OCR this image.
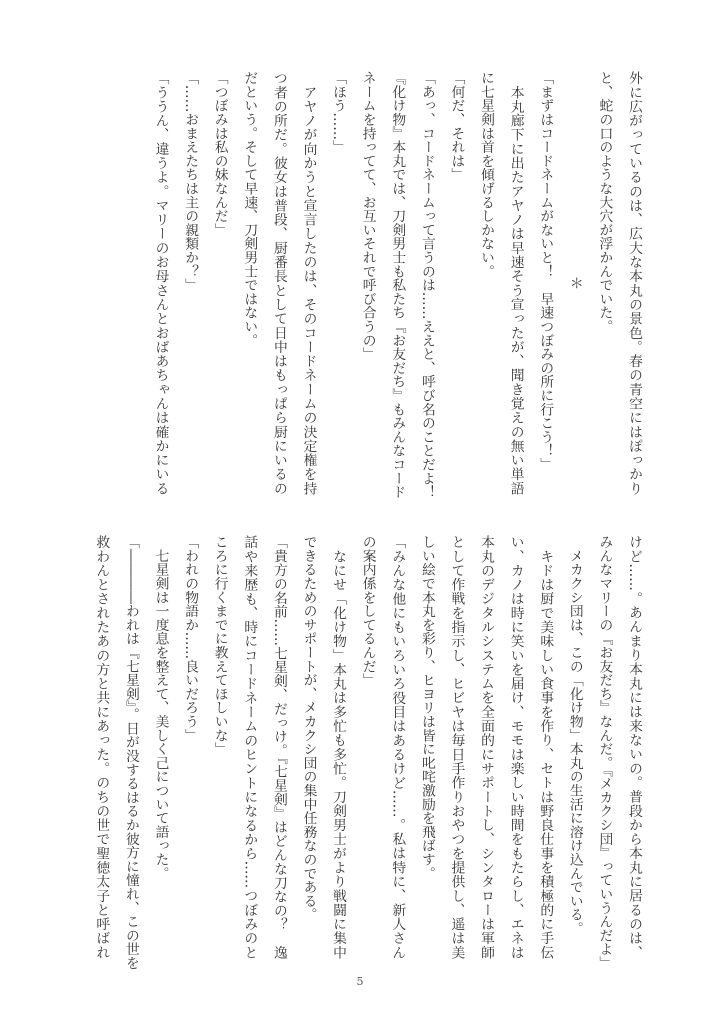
外に広がっているのは、広大な本丸の景色。春の青空にはぽっかり
と、蛇の口のような大穴が浮かんでいた。
＊
「まずはコードネームがないと！　早速つぼみの所に行こう！」
　本丸廊下に出たアヤノは早速そう宣ったが、聞き覚えの無い単語
に七星剣は首を傾げるしかない。
「何だ、それは」
「あっ、コードネームって言うのは……ええと、呼び名のことだよ！
『化け物』本丸では、刀剣男士も私たち『お友だち』もみんなコード
ネームを持ってて、お互いそれで呼び合うの」
「ほう……」
　アヤノが向かうと宣言したのは、そのコードネームの決定権を持
つ者の所だ。彼女は普段、厨番長として日中はもっぱら厨にいるの
だという。そして早速、刀剣男士ではない。
「つぼみは私の妹なんだ」
「……おまえたちは主の親類か？」
「ううん、違うよ。マリーのお母さんとおばあちゃんは確かにいる
けど……。あんまり本丸には来ないの。普段から本丸に居るのは、
みんなマリーの『お友だち』なんだ。『メカクシ団』っていうんだよ」
　メカクシ団は、この「化け物」本丸の生活に溶け込んでいる。
　キドは厨で美味しい食事を作り、セトは野良仕事を積極的に手伝
い、カノは時に笑いを届け、モモは楽しい時間をもたらし、エネは
本丸のデジタルシステムを全面的にサポートし、シンタローは軍師
として作戦を指示し、ヒビヤは毎日手作りおやつを提供し、遥は美
しい絵で本丸を彩り、ヒヨリは皆に叱咤激励を飛ばす。
「みんな他にもいろいろ役目はあるけど……。私は特に、新人さん
の案内係をしてるんだ」
　なにせ「化け物」本丸は多忙も多忙。刀剣男士がより戦闘に集中
できるためのサポートが、メカクシ団の集中任務なのである。
「貴方の名前……七星剣、だっけ。『七星剣』はどんな刀なの？　逸
話や来歴も、時にコードネームのヒントになるから……つぼみのと
ころに行くまでに教えてほしいな」
「われの物語か……良いだろう」
　七星剣は一度息を整えて、美しく己について語った。
「――――われは『七星剣』。日が没するはるか彼方に憧れ、この世を
救わんとされたあの方と共にあった。のちの世で聖徳太子と呼ばれ
5
